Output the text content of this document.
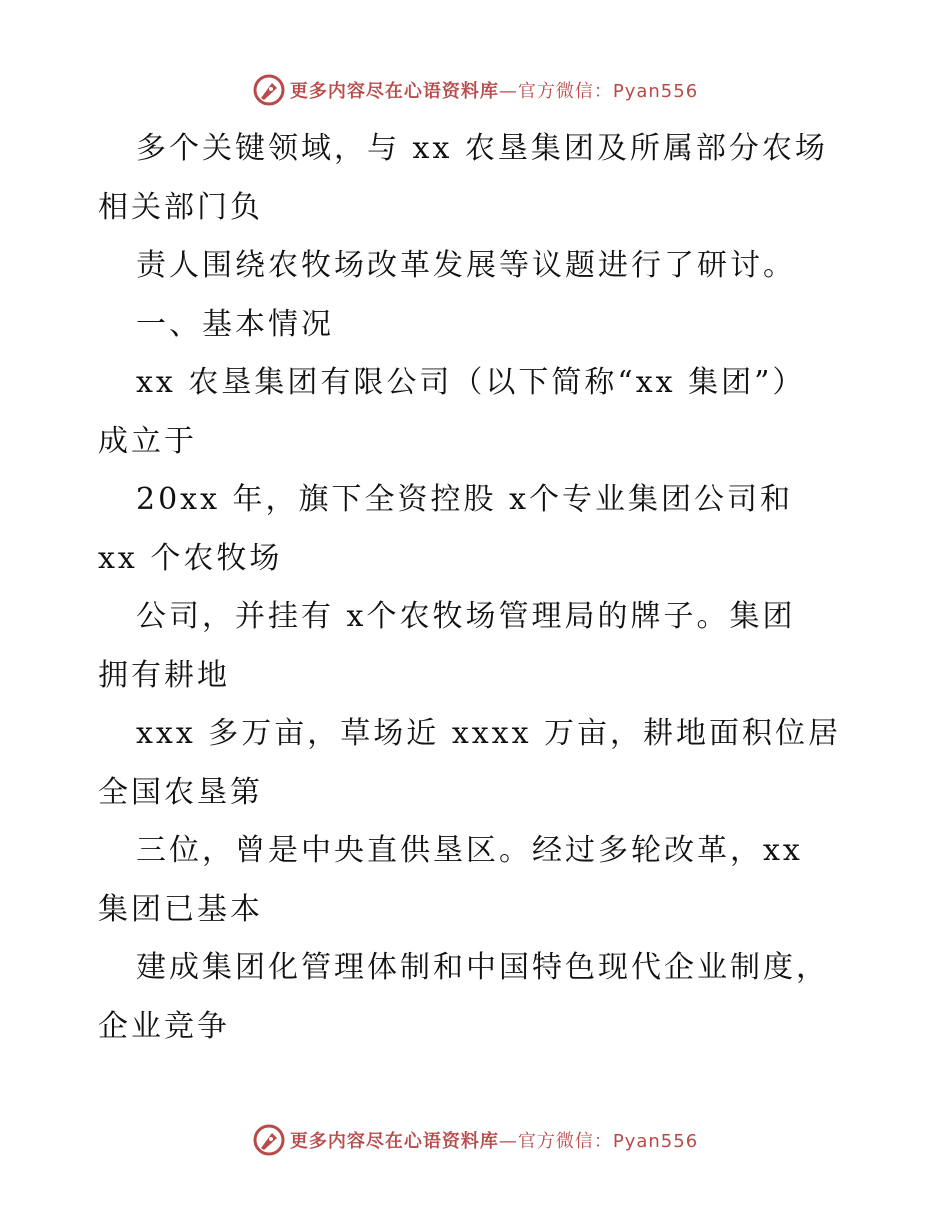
更多内容尽在心语资料库—官方微信：Pyan556
多个关键领域，与 xx 农垦集团及所属部分农场
相关部门负
责人围绕农牧场改革发展等议题进行了研讨。
一、基本情况
xx 农垦集团有限公司（以下简称“xx 集团”）
成立于
20xx 年，旗下全资控股 x个专业集团公司和
xx 个农牧场
公司，并挂有 x个农牧场管理局的牌子。集团
拥有耕地
xxx 多万亩，草场近 xxxx 万亩，耕地面积位居
全国农垦第
三位，曾是中央直供垦区。经过多轮改革，xx
集团已基本
建成集团化管理体制和中国特色现代企业制度，
企业竞争
更多内容尽在心语资料库—官方微信：Pyan556
